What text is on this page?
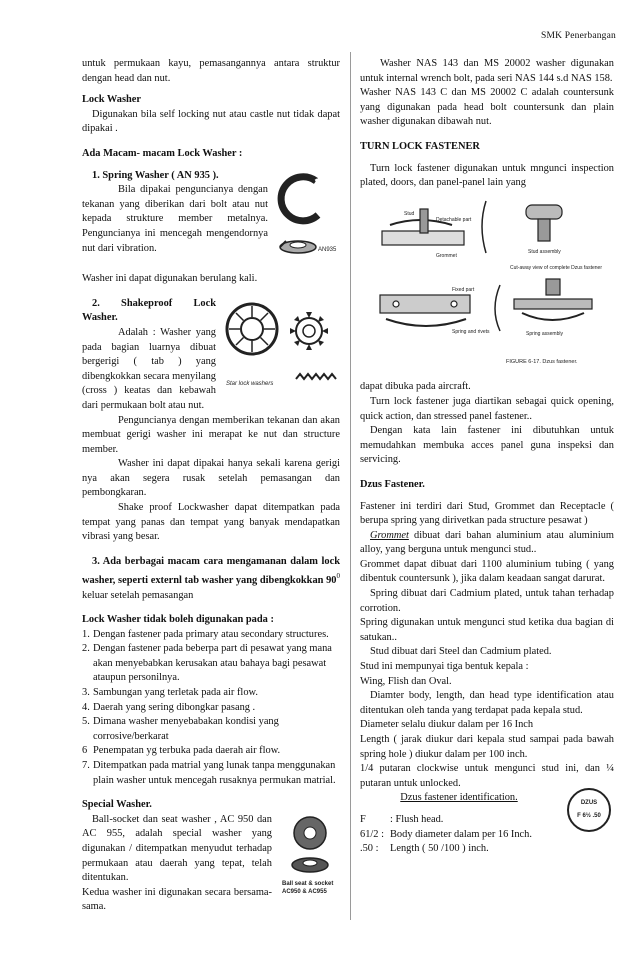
SMK Penerbangan

untuk permukaan kayu, pemasangannya antara struktur dengan head dan nut.

Lock Washer

Digunakan bila self locking nut atau castle nut tidak dapat dipakai .

Ada Macam- macam Lock Washer :

1. Spring Washer ( AN 935 ).

Bila dipakai penguncianya dengan tekanan yang diberikan dari bolt atau nut kepada strukture member metalnya. Penguncianya ini mencegah mengendornya nut dari vibration.	AN935

Washer ini dapat digunakan berulang kali.

2. Shakeproof Lock Washer.

Adalah : Washer yang pada bagian luarnya dibuat bergerigi ( tab ) yang dibengkokkan secara menyilang (cross ) keatas dan kebawah dari permukaan bolt atau nut.

Star lock washers

Penguncianya dengan memberikan tekanan dan akan membuat gerigi washer ini merapat ke nut dan structure member.

Washer ini dapat dipakai hanya sekali karena gerigi nya akan segera rusak setelah pemasangan dan pembongkaran.

Shake proof Lockwasher dapat ditempatkan pada tempat yang panas dan tempat yang banyak mendapatkan vibrasi yang besar.

3. Ada berbagai macam cara mengamanan dalam lock washer, seperti externl tab washer yang dibengkokkan $90^0$ keluar setelah pemasangan

Lock Washer tidak boleh digunakan pada :

1. Dengan fastener pada primary atau secondary structures.
2. Dengan fastener pada beberpa part di pesawat yang mana akan menyebabkan kerusakan atau bahaya bagi pesawat ataupun personilnya.
3. Sambungan yang terletak pada air flow.
4. Daerah yang sering dibongkar pasang .
5. Dimana washer menyebabakan kondisi yang corrosive/berkarat
6 Penempatan yg terbuka pada daerah air flow.
7. Ditempatkan pada matrial yang lunak tanpa menggunakan plain washer untuk mencegah rusaknya permukan matrial.

Special Washer.

Ball-socket dan seat washer , AC 950 dan AC 955, adalah special washer yang digunakan / ditempatkan menyudut terhadap permukaan atau daerah yang tepat, telah ditentukan.

Kedua washer ini digunakan secara bersama-sama.

Ball seat & socket
AC950 & AC955

Washer NAS 143 dan MS 20002 washer digunakan untuk internal wrench bolt, pada seri NAS 144 s.d NAS 158.

Washer NAS 143 C dan MS 20002 C adalah countersunk yang digunakan pada head bolt countersunk dan plain washer digunakan dibawah nut.

TURN LOCK FASTENER

Turn lock fastener digunakan untuk mngunci inspection plated, doors, dan panel-panel lain yang

Stud
Detachable part
Grommet
Stud assembly
Cut-away view of complete Dzus fastener
Fixed part
Spring and rivets	Spring assembly
FIGURE 6-17. Dzus fastener.

dapat dibuka pada aircraft.

Turn lock fastener juga diartikan sebagai quick opening, quick action, dan stressed panel fastener..

Dengan kata lain fastener ini dibutuhkan untuk memudahkan membuka acces panel guna inspeksi dan servicing.

Dzus Fastener.

Fastener ini terdiri dari Stud, Grommet dan Receptacle ( berupa spring yang dirivetkan pada structure pesawat )

Grommet dibuat dari bahan aluminium atau aluminium alloy, yang berguna untuk mengunci stud..

Grommet dapat dibuat dari 1100 aluminium tubing ( yang dibentuk countersunk ), jika dalam keadaan sangat darurat.

Spring dibuat dari Cadmium plated, untuk tahan terhadap corrotion.

Spring digunakan untuk mengunci stud ketika dua bagian di satukan..

Stud dibuat dari Steel dan Cadmium plated.

Stud ini mempunyai tiga bentuk kepala :

Wing, Flish dan Oval.

Diamter body, length, dan head type identification atau ditentukan oleh tanda yang terdapat pada kepala stud.

Diameter selalu diukur dalam per 16 Inch

Length ( jarak diukur dari kepala stud sampai pada bawah spring hole ) diukur dalam per 100 inch.

1/4 putaran clockwise untuk mengunci stud ini, dan ¼ putaran untuk unlocked.

Dzus fastener identification.

F	: Flush head.
61/2 :	Body diameter dalam per 16 Inch.
.50 :	Length ( 50 /100 ) inch.
DZUS
F 6½ .50
